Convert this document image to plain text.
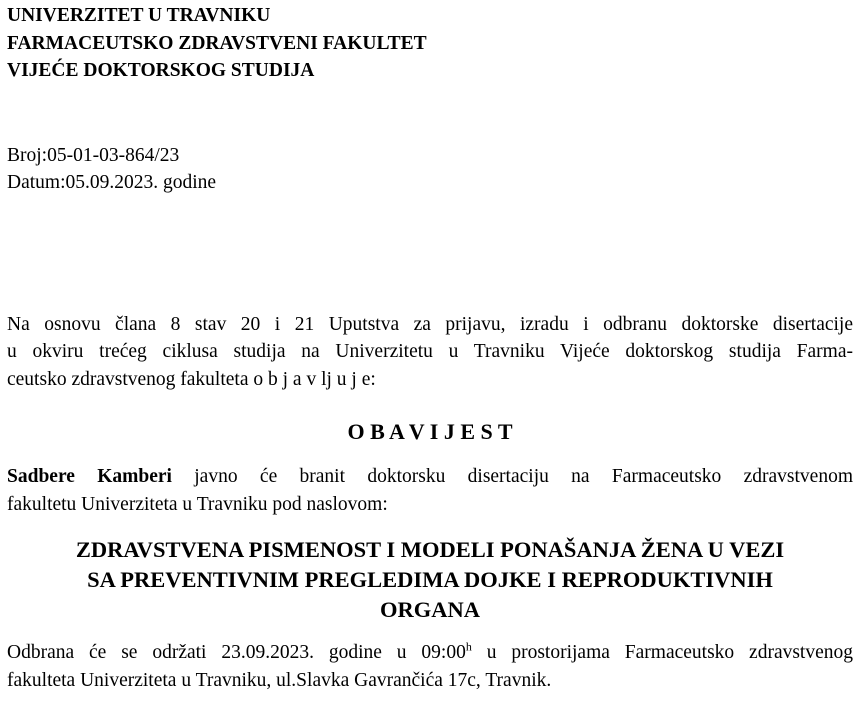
UNIVERZITET U TRAVNIKU
FARMACEUTSKO ZDRAVSTVENI FAKULTET
VIJEĆE DOKTORSKOG STUDIJA
Broj:05-01-03-864/23
Datum:05.09.2023. godine
Na osnovu člana 8 stav 20 i 21 Uputstva za prijavu, izradu i odbranu doktorske disertacije
u okviru trećeg ciklusa studija na Univerzitetu u Travniku Vijeće doktorskog studija Farma-
ceutsko zdravstvenog fakulteta o b j a v lj u j e:
O B A V I J E S T
Sadbere Kamberi javno će branit doktorsku disertaciju na Farmaceutsko zdravstvenom
fakultetu Univerziteta u Travniku pod naslovom:
ZDRAVSTVENA PISMENOST I MODELI PONAŠANJA ŽENA U VEZI
SA PREVENTIVNIM PREGLEDIMA DOJKE I REPRODUKTIVNIH
ORGANA
Odbrana će se održati 23.09.2023. godine u 09:00$^h$ u prostorijama Farmaceutsko zdravstvenog
fakulteta Univerziteta u Travniku, ul.Slavka Gavrančića 17c, Travnik.
